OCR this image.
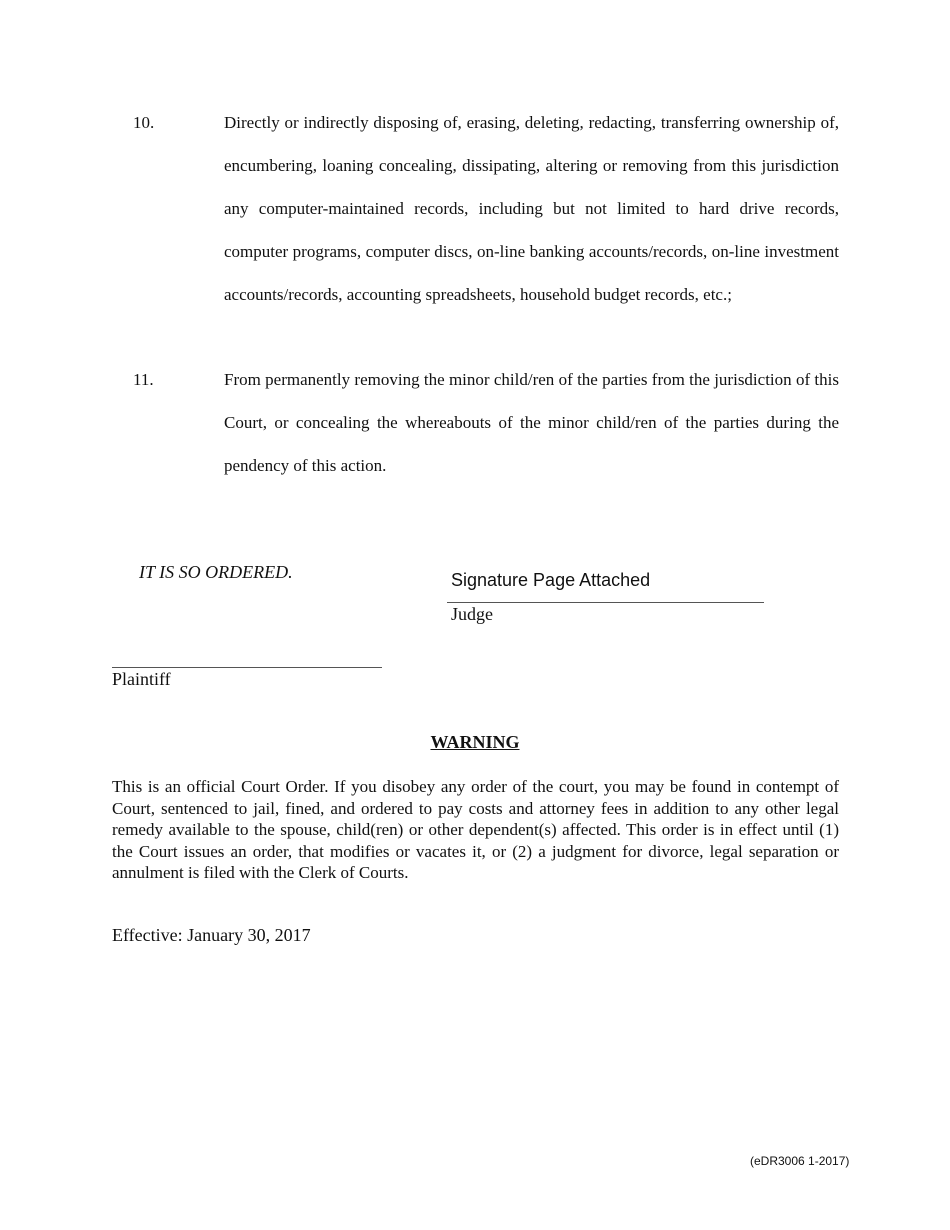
10.	Directly or indirectly disposing of, erasing, deleting, redacting, transferring ownership of, encumbering, loaning concealing, dissipating, altering or removing from this jurisdiction any computer-maintained records, including but not limited to hard drive records, computer programs, computer discs, on-line banking accounts/records, on-line investment accounts/records, accounting spreadsheets, household budget records, etc.;
11.	From permanently removing the minor child/ren of the parties from the jurisdiction of this Court, or concealing the whereabouts of the minor child/ren of the parties during the pendency of this action.
IT IS SO ORDERED.	Signature Page Attached
Judge
Plaintiff
WARNING
This is an official Court Order. If you disobey any order of the court, you may be found in contempt of Court, sentenced to jail, fined, and ordered to pay costs and attorney fees in addition to any other legal remedy available to the spouse, child(ren) or other dependent(s) affected. This order is in effect until (1) the Court issues an order, that modifies or vacates it, or (2) a judgment for divorce, legal separation or annulment is filed with the Clerk of Courts.
Effective: January 30, 2017
(eDR3006 1-2017)
